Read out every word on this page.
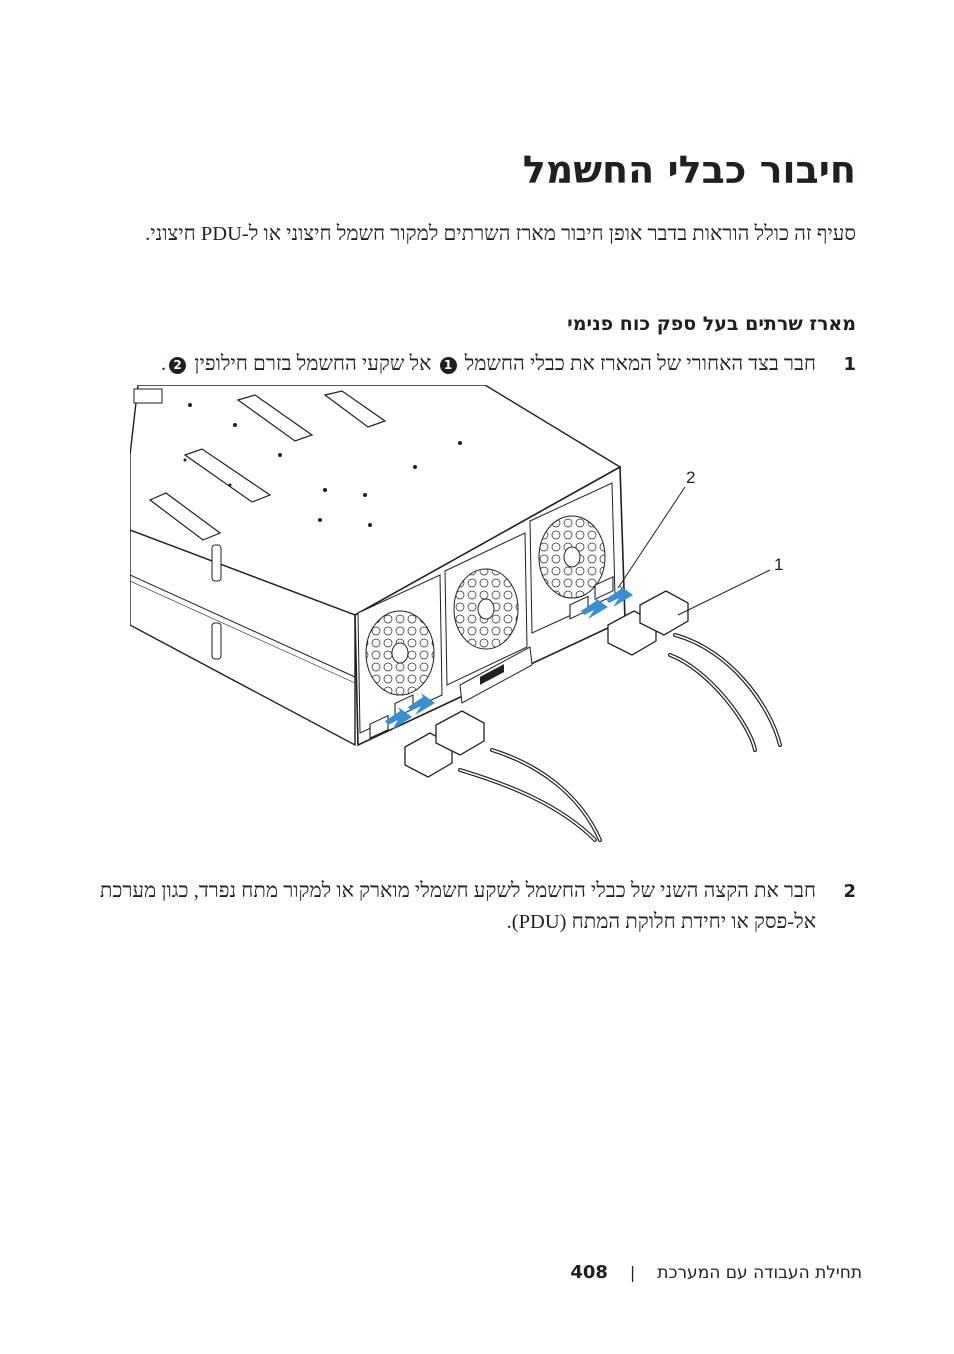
חיבור כבלי החשמל
סעיף זה כולל הוראות בדבר אופן חיבור מארז השרתים למקור חשמל חיצוני או ל-PDU חיצוני.
מארז שרתים בעל ספק כוח פנימי
1
חבר בצד האחורי של המארז את כבלי החשמל 1 אל שקעי החשמל בזרם חילופין 2.
2
1
2
חבר את הקצה השני של כבלי החשמל לשקע חשמלי מוארק או למקור מתח נפרד, כגון מערכת אל-פסק או יחידת חלוקת המתח (PDU).
408 | תחילת העבודה עם המערכת
